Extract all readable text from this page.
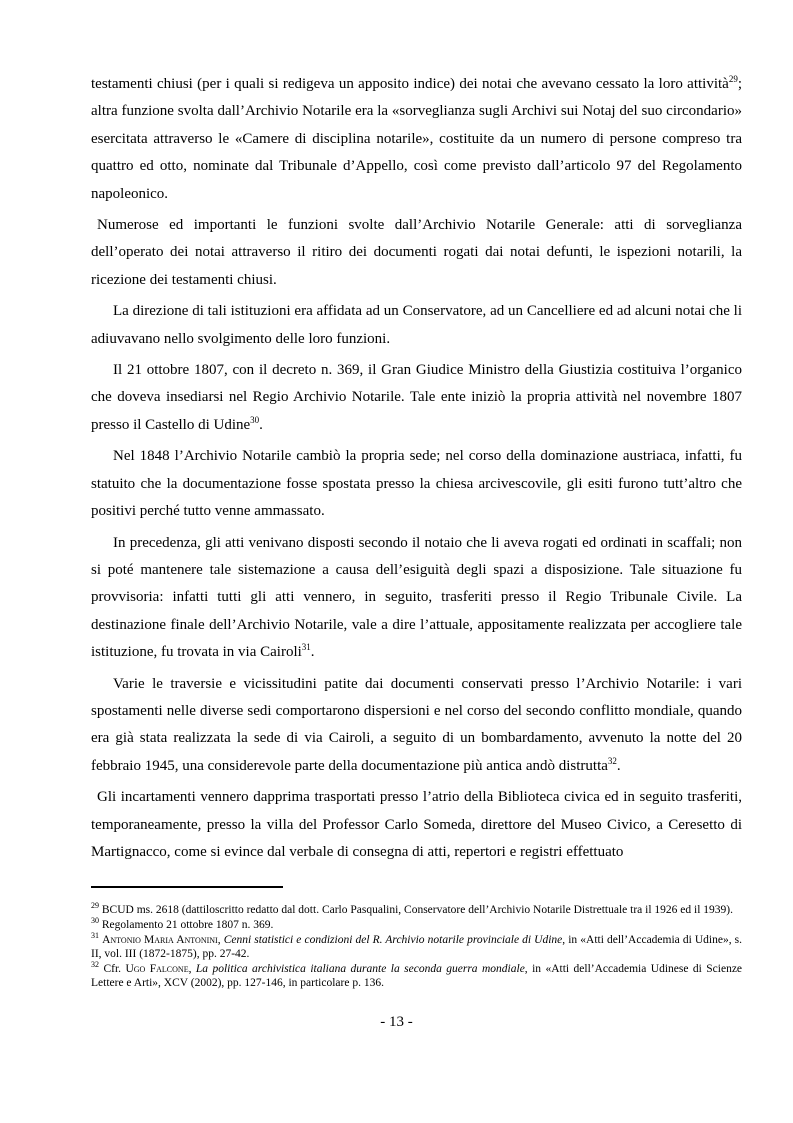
testamenti chiusi (per i quali si redigeva un apposito indice) dei notai che avevano cessato la loro attività$^{29}$; altra funzione svolta dall’Archivio Notarile era la «sorveglianza sugli Archivi sui Notaj del suo circondario» esercitata attraverso le «Camere di disciplina notarile», costituite da un numero di persone compreso tra quattro ed otto, nominate dal Tribunale d’Appello, così come previsto dall’articolo 97 del Regolamento napoleonico.

Numerose ed importanti le funzioni svolte dall’Archivio Notarile Generale: atti di sorveglianza dell’operato dei notai attraverso il ritiro dei documenti rogati dai notai defunti, le ispezioni notarili, la ricezione dei testamenti chiusi.

La direzione di tali istituzioni era affidata ad un Conservatore, ad un Cancelliere ed ad alcuni notai che li adiuvavano nello svolgimento delle loro funzioni.

Il 21 ottobre 1807, con il decreto n. 369, il Gran Giudice Ministro della Giustizia costituiva l’organico che doveva insediarsi nel Regio Archivio Notarile. Tale ente iniziò la propria attività nel novembre 1807 presso il Castello di Udine$^{30}$.

Nel 1848 l’Archivio Notarile cambiò la propria sede; nel corso della dominazione austriaca, infatti, fu statuito che la documentazione fosse spostata presso la chiesa arcivescovile, gli esiti furono tutt’altro che positivi perché tutto venne ammassato.

In precedenza, gli atti venivano disposti secondo il notaio che li aveva rogati ed ordinati in scaffali; non si poté mantenere tale sistemazione a causa dell’esiguità degli spazi a disposizione. Tale situazione fu provvisoria: infatti tutti gli atti vennero, in seguito, trasferiti presso il Regio Tribunale Civile. La destinazione finale dell’Archivio Notarile, vale a dire l’attuale, appositamente realizzata per accogliere tale istituzione, fu trovata in via Cairoli$^{31}$.

Varie le traversie e vicissitudini patite dai documenti conservati presso l’Archivio Notarile: i vari spostamenti nelle diverse sedi comportarono dispersioni e nel corso del secondo conflitto mondiale, quando era già stata realizzata la sede di via Cairoli, a seguito di un bombardamento, avvenuto la notte del 20 febbraio 1945, una considerevole parte della documentazione più antica andò distrutta$^{32}$.

Gli incartamenti vennero dapprima trasportati presso l’atrio della Biblioteca civica ed in seguito trasferiti, temporaneamente, presso la villa del Professor Carlo Someda, direttore del Museo Civico, a Ceresetto di Martignacco, come si evince dal verbale di consegna di atti, repertori e registri effettuato

$^{29}$ BCUD ms. 2618 (dattiloscritto redatto dal dott. Carlo Pasqualini, Conservatore dell’Archivio Notarile Distrettuale tra il 1926 ed il 1939).

$^{30}$ Regolamento 21 ottobre 1807 n. 369.

$^{31}$ Antonio Maria Antonini, Cenni statistici e condizioni del R. Archivio notarile provinciale di Udine, in «Atti dell’Accademia di Udine», s. II, vol. III (1872-1875), pp. 27-42.

$^{32}$ Cfr. Ugo Falcone, La politica archivistica italiana durante la seconda guerra mondiale, in «Atti dell’Accademia Udinese di Scienze Lettere e Arti», XCV (2002), pp. 127-146, in particolare p. 136.

- 13 -
